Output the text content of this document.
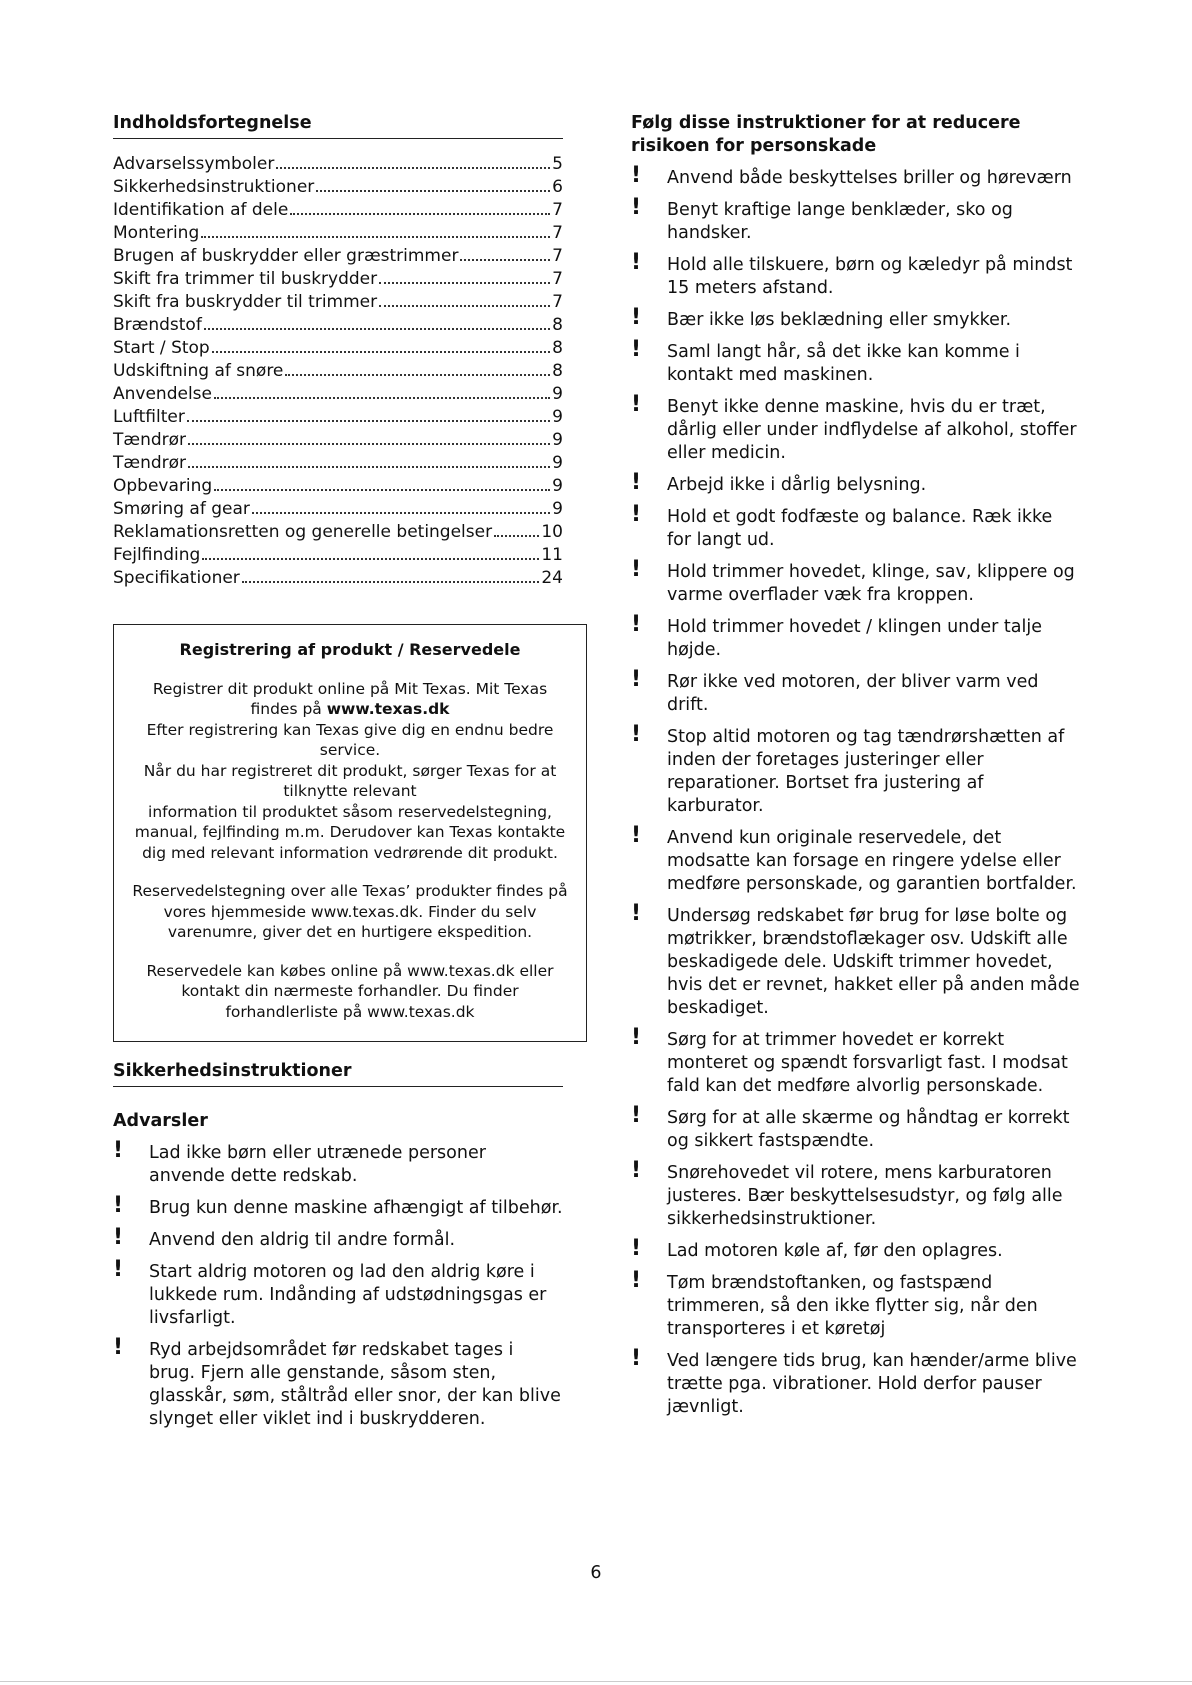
Indholdsfortegnelse
Advarselssymboler	5
Sikkerhedsinstruktioner	6
Identifikation af dele	7
Montering	7
Brugen af buskrydder eller græstrimmer	7
Skift fra trimmer til buskrydder	7
Skift fra buskrydder til trimmer	7
Brændstof	8
Start / Stop	8
Udskiftning af snøre	8
Anvendelse	9
Luftfilter	9
Tændrør	9
Tændrør	9
Opbevaring	9
Smøring af gear	9
Reklamationsretten og generelle betingelser	10
Fejlfinding	11
Specifikationer	24
Registrering af produkt / Reservedele

Registrer dit produkt online på Mit Texas. Mit Texas findes på www.texas.dk
Efter registrering kan Texas give dig en endnu bedre service.
Når du har registreret dit produkt, sørger Texas for at tilknytte relevant
information til produktet såsom reservedelstegning, manual, fejlfinding m.m. Derudover kan Texas kontakte dig med relevant information vedrørende dit produkt.

Reservedelstegning over alle Texas’ produkter findes på vores hjemmeside www.texas.dk. Finder du selv varenumre, giver det en hurtigere ekspedition.

Reservedele kan købes online på www.texas.dk eller kontakt din nærmeste forhandler. Du finder forhandlerliste på www.texas.dk

Sikkerhedsinstruktioner
Advarsler
! Lad ikke børn eller utrænede personer anvende dette redskab.
! Brug kun denne maskine afhængigt af tilbehør.
! Anvend den aldrig til andre formål.
! Start aldrig motoren og lad den aldrig køre i lukkede rum. Indånding af udstødningsgas er livsfarligt.
! Ryd arbejdsområdet før redskabet tages i brug. Fjern alle genstande, såsom sten, glasskår, søm, ståltråd eller snor, der kan blive slynget eller viklet ind i buskrydderen.
Følg disse instruktioner for at reducere
risikoen for personskade
! Anvend både beskyttelses briller og høreværn
! Benyt kraftige lange benklæder, sko og handsker.
! Hold alle tilskuere, børn og kæledyr på mindst 15 meters afstand.
! Bær ikke løs beklædning eller smykker.
! Saml langt hår, så det ikke kan komme i kontakt med maskinen.
! Benyt ikke denne maskine, hvis du er træt, dårlig eller under indflydelse af alkohol, stoffer eller medicin.
! Arbejd ikke i dårlig belysning.
! Hold et godt fodfæste og balance. Ræk ikke for langt ud.
! Hold trimmer hovedet, klinge, sav, klippere og varme overflader væk fra kroppen.
! Hold trimmer hovedet / klingen under talje højde.
! Rør ikke ved motoren, der bliver varm ved drift.
! Stop altid motoren og tag tændrørshætten af inden der foretages justeringer eller reparationer. Bortset fra justering af karburator.
! Anvend kun originale reservedele, det modsatte kan forsage en ringere ydelse eller medføre personskade, og garantien bortfalder.
! Undersøg redskabet før brug for løse bolte og møtrikker, brændstoflækager osv. Udskift alle beskadigede dele. Udskift trimmer hovedet, hvis det er revnet, hakket eller på anden måde beskadiget.
! Sørg for at trimmer hovedet er korrekt monteret og spændt forsvarligt fast. I modsat fald kan det medføre alvorlig personskade.
! Sørg for at alle skærme og håndtag er korrekt og sikkert fastspændte.
! Snørehovedet vil rotere, mens karburatoren justeres. Bær beskyttelsesudstyr, og følg alle sikkerhedsinstruktioner.
! Lad motoren køle af, før den oplagres.
! Tøm brændstoftanken, og fastspænd trimmeren, så den ikke flytter sig, når den transporteres i et køretøj
! Ved længere tids brug, kan hænder/arme blive trætte pga. vibrationer. Hold derfor pauser jævnligt.
6
